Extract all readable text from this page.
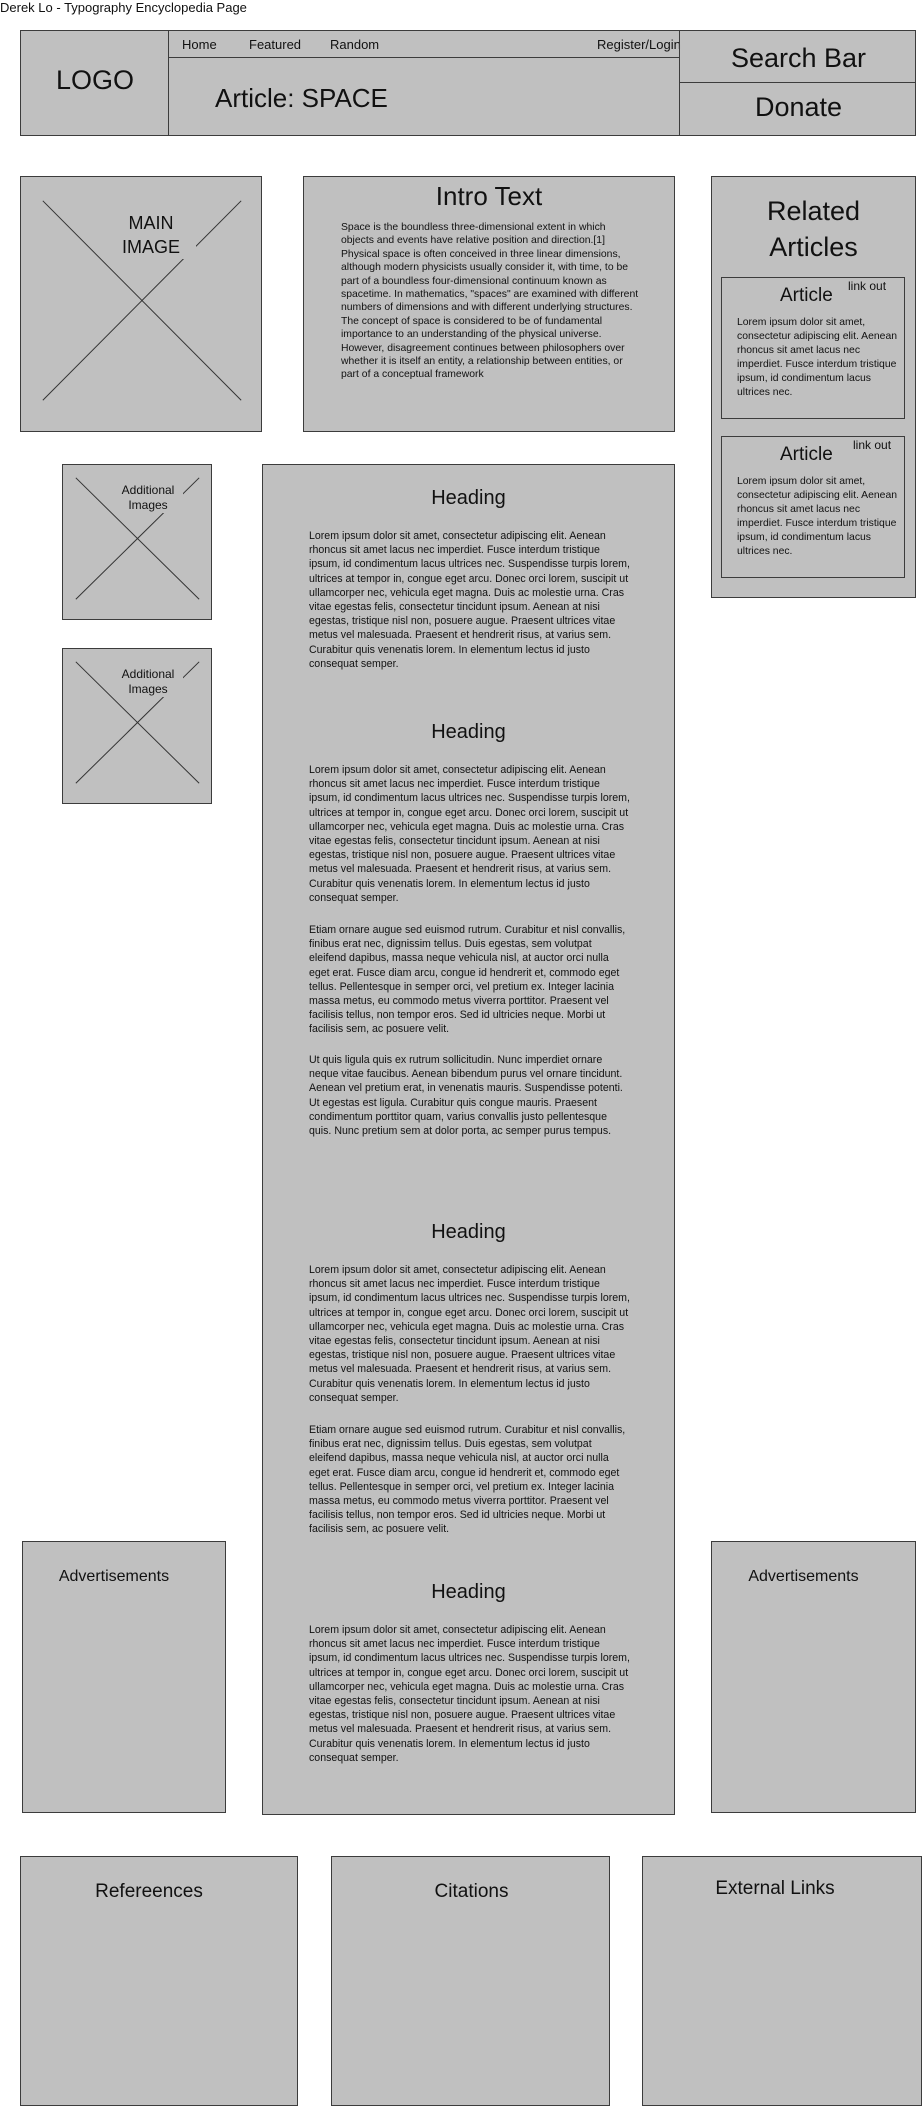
Derek Lo - Typography Encyclopedia Page
LOGO
Home Featured Random	Register/Login
Article: SPACE
Search Bar
Donate
MAIN
IMAGE
Intro Text
Space is the boundless three-dimensional extent in which objects and events have relative position and direction.[1] Physical space is often conceived in three linear dimensions, although modern physicists usually consider it, with time, to be part of a boundless four-dimensional continuum known as spacetime. In mathematics, "spaces" are examined with different numbers of dimensions and with different underlying structures. The concept of space is considered to be of fundamental importance to an understanding of the physical universe. However, disagreement continues between philosophers over whether it is itself an entity, a relationship between entities, or part of a conceptual framework
Related
Articles
Article link out
Lorem ipsum dolor sit amet, consectetur adipiscing elit. Aenean rhoncus sit amet lacus nec imperdiet. Fusce interdum tristique ipsum, id condimentum lacus ultrices nec.
Article link out
Lorem ipsum dolor sit amet, consectetur adipiscing elit. Aenean rhoncus sit amet lacus nec imperdiet. Fusce interdum tristique ipsum, id condimentum lacus ultrices nec.
Additional
Images
Additional
Images
Heading
Lorem ipsum dolor sit amet, consectetur adipiscing elit. Aenean rhoncus sit amet lacus nec imperdiet. Fusce interdum tristique ipsum, id condimentum lacus ultrices nec. Suspendisse turpis lorem, ultrices at tempor in, congue eget arcu. Donec orci lorem, suscipit ut ullamcorper nec, vehicula eget magna. Duis ac molestie urna. Cras vitae egestas felis, consectetur tincidunt ipsum. Aenean at nisi egestas, tristique nisl non, posuere augue. Praesent ultrices vitae metus vel malesuada. Praesent et hendrerit risus, at varius sem. Curabitur quis venenatis lorem. In elementum lectus id justo consequat semper.
Heading
Lorem ipsum dolor sit amet, consectetur adipiscing elit. Aenean rhoncus sit amet lacus nec imperdiet. Fusce interdum tristique ipsum, id condimentum lacus ultrices nec. Suspendisse turpis lorem, ultrices at tempor in, congue eget arcu. Donec orci lorem, suscipit ut ullamcorper nec, vehicula eget magna. Duis ac molestie urna. Cras vitae egestas felis, consectetur tincidunt ipsum. Aenean at nisi egestas, tristique nisl non, posuere augue. Praesent ultrices vitae metus vel malesuada. Praesent et hendrerit risus, at varius sem. Curabitur quis venenatis lorem. In elementum lectus id justo consequat semper.
Etiam ornare augue sed euismod rutrum. Curabitur et nisl convallis, finibus erat nec, dignissim tellus. Duis egestas, sem volutpat eleifend dapibus, massa neque vehicula nisl, at auctor orci nulla eget erat. Fusce diam arcu, congue id hendrerit et, commodo eget tellus. Pellentesque in semper orci, vel pretium ex. Integer lacinia massa metus, eu commodo metus viverra porttitor. Praesent vel facilisis tellus, non tempor eros. Sed id ultricies neque. Morbi ut facilisis sem, ac posuere velit.
Ut quis ligula quis ex rutrum sollicitudin. Nunc imperdiet ornare neque vitae faucibus. Aenean bibendum purus vel ornare tincidunt. Aenean vel pretium erat, in venenatis mauris. Suspendisse potenti. Ut egestas est ligula. Curabitur quis congue mauris. Praesent condimentum porttitor quam, varius convallis justo pellentesque quis. Nunc pretium sem at dolor porta, ac semper purus tempus.
Heading
Lorem ipsum dolor sit amet, consectetur adipiscing elit. Aenean rhoncus sit amet lacus nec imperdiet. Fusce interdum tristique ipsum, id condimentum lacus ultrices nec. Suspendisse turpis lorem, ultrices at tempor in, congue eget arcu. Donec orci lorem, suscipit ut ullamcorper nec, vehicula eget magna. Duis ac molestie urna. Cras vitae egestas felis, consectetur tincidunt ipsum. Aenean at nisi egestas, tristique nisl non, posuere augue. Praesent ultrices vitae metus vel malesuada. Praesent et hendrerit risus, at varius sem. Curabitur quis venenatis lorem. In elementum lectus id justo consequat semper.
Etiam ornare augue sed euismod rutrum. Curabitur et nisl convallis, finibus erat nec, dignissim tellus. Duis egestas, sem volutpat eleifend dapibus, massa neque vehicula nisl, at auctor orci nulla eget erat. Fusce diam arcu, congue id hendrerit et, commodo eget tellus. Pellentesque in semper orci, vel pretium ex. Integer lacinia massa metus, eu commodo metus viverra porttitor. Praesent vel facilisis tellus, non tempor eros. Sed id ultricies neque. Morbi ut facilisis sem, ac posuere velit.
Heading
Lorem ipsum dolor sit amet, consectetur adipiscing elit. Aenean rhoncus sit amet lacus nec imperdiet. Fusce interdum tristique ipsum, id condimentum lacus ultrices nec. Suspendisse turpis lorem, ultrices at tempor in, congue eget arcu. Donec orci lorem, suscipit ut ullamcorper nec, vehicula eget magna. Duis ac molestie urna. Cras vitae egestas felis, consectetur tincidunt ipsum. Aenean at nisi egestas, tristique nisl non, posuere augue. Praesent ultrices vitae metus vel malesuada. Praesent et hendrerit risus, at varius sem. Curabitur quis venenatis lorem. In elementum lectus id justo consequat semper.
Advertisements	Advertisements
Refereences	Citations	External Links
